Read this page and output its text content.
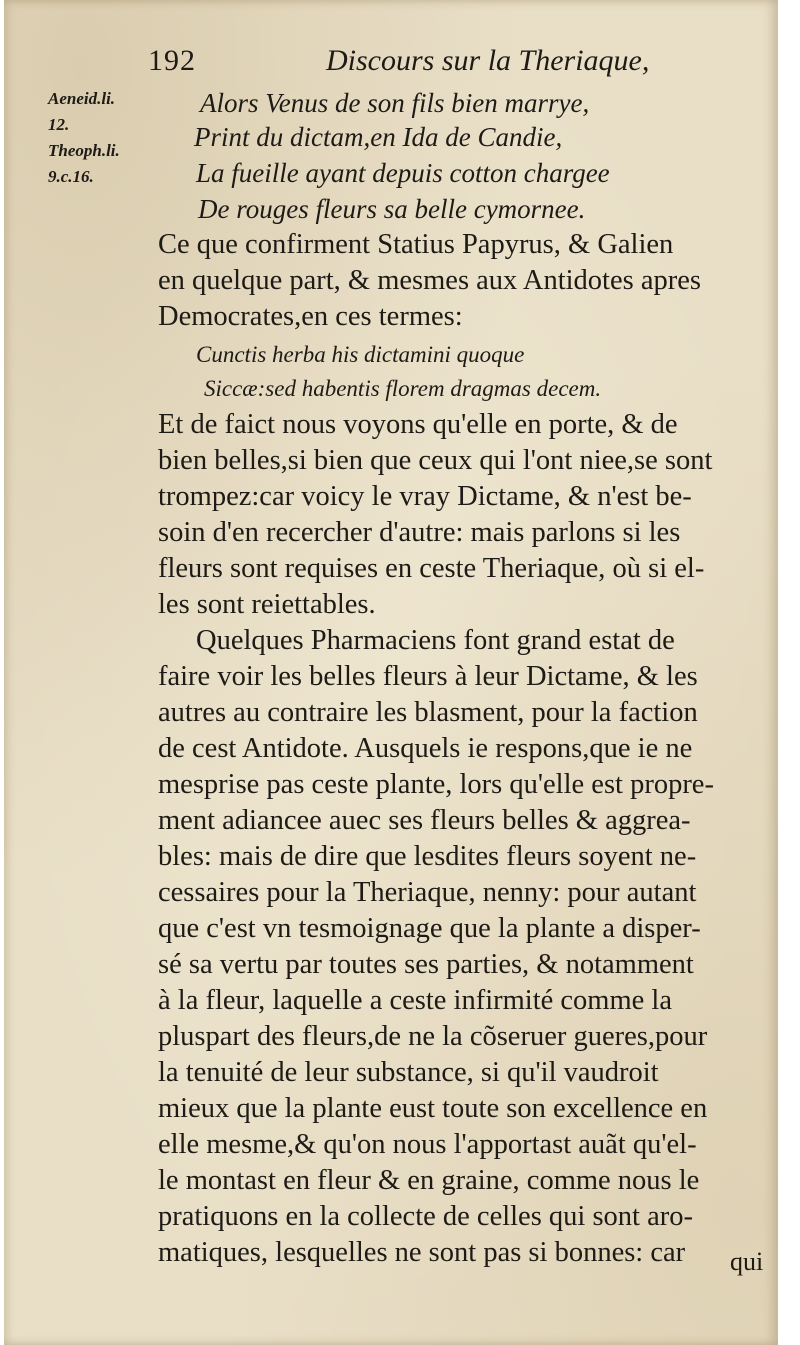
192	Discours sur la Theriaque,
Aeneid.li.
12.
Theoph.li.
9.c.16.
Alors Venus de son fils bien marrye,
Print du dictam,en Ida de Candie,
La fueille ayant depuis cotton chargee
De rouges fleurs sa belle cymornee.
Ce que confirment Statius Papyrus, & Galien
en quelque part, & mesmes aux Antidotes apres
Democrates,en ces termes:
Cunctis herba his dictamini quoque
Siccæ:sed habentis florem dragmas decem.
Et de faict nous voyons qu'elle en porte, & de
bien belles,si bien que ceux qui l'ont niee,se sont
trompez:car voicy le vray Dictame, & n'est be-
soin d'en recercher d'autre: mais parlons si les
fleurs sont requises en ceste Theriaque, où si el-
les sont reiettables.
Quelques Pharmaciens font grand estat de
faire voir les belles fleurs à leur Dictame, & les
autres au contraire les blasment, pour la faction
de cest Antidote. Ausquels ie respons,que ie ne
mesprise pas ceste plante, lors qu'elle est propre-
ment adiancee auec ses fleurs belles & aggrea-
bles: mais de dire que lesdites fleurs soyent ne-
cessaires pour la Theriaque, nenny: pour autant
que c'est vn tesmoignage que la plante a disper-
sé sa vertu par toutes ses parties, & notamment
à la fleur, laquelle a ceste infirmité comme la
pluspart des fleurs,de ne la cõseruer gueres,pour
la tenuité de leur substance, si qu'il vaudroit
mieux que la plante eust toute son excellence en
elle mesme,& qu'on nous l'apportast auãt qu'el-
le montast en fleur & en graine, comme nous le
pratiquons en la collecte de celles qui sont aro-
matiques, lesquelles ne sont pas si bonnes: car qui
